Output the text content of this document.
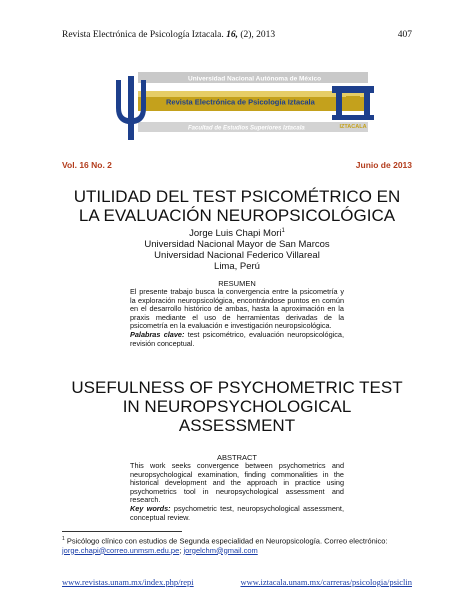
Revista Electrónica de Psicología Iztacala. 16, (2), 2013	407
Universidad Nacional Autónoma de México
Revista Electrónica de Psicología Iztacala
Facultad de Estudios Superiores Iztacala	IZTACALA
Vol. 16 No. 2	Junio de 2013
UTILIDAD DEL TEST PSICOMÉTRICO EN
LA EVALUACIÓN NEUROPSICOLÓGICA
Jorge Luis Chapi Mori$^1$
Universidad Nacional Mayor de San Marcos
Universidad Nacional Federico Villareal
Lima, Perú
RESUMEN
El presente trabajo busca la convergencia entre la psicometría y la exploración neuropsicológica, encontrándose puntos en común en el desarrollo histórico de ambas, hasta la aproximación en la praxis mediante el uso de herramientas derivadas de la psicometría en la evaluación e investigación neuropsicológica.
Palabras clave: test psicométrico, evaluación neuropsicológica, revisión conceptual.
USEFULNESS OF PSYCHOMETRIC TEST
IN NEUROPSYCHOLOGICAL
ASSESSMENT
ABSTRACT
This work seeks convergence between psychometrics and neuropsychological examination, finding commonalities in the historical development and the approach in practice using psychometrics tool in neuropsychological assessment and research.
Key words: psychometric test, neuropsychological assessment, conceptual review.
$^1$ Psicólogo clínico con estudios de Segunda especialidad en Neuropsicología. Correo electrónico: jorge.chapi@correo.unmsm.edu.pe; jorgelchm@gmail.com
www.revistas.unam.mx/index.php/repi	www.iztacala.unam.mx/carreras/psicologia/psiclin
